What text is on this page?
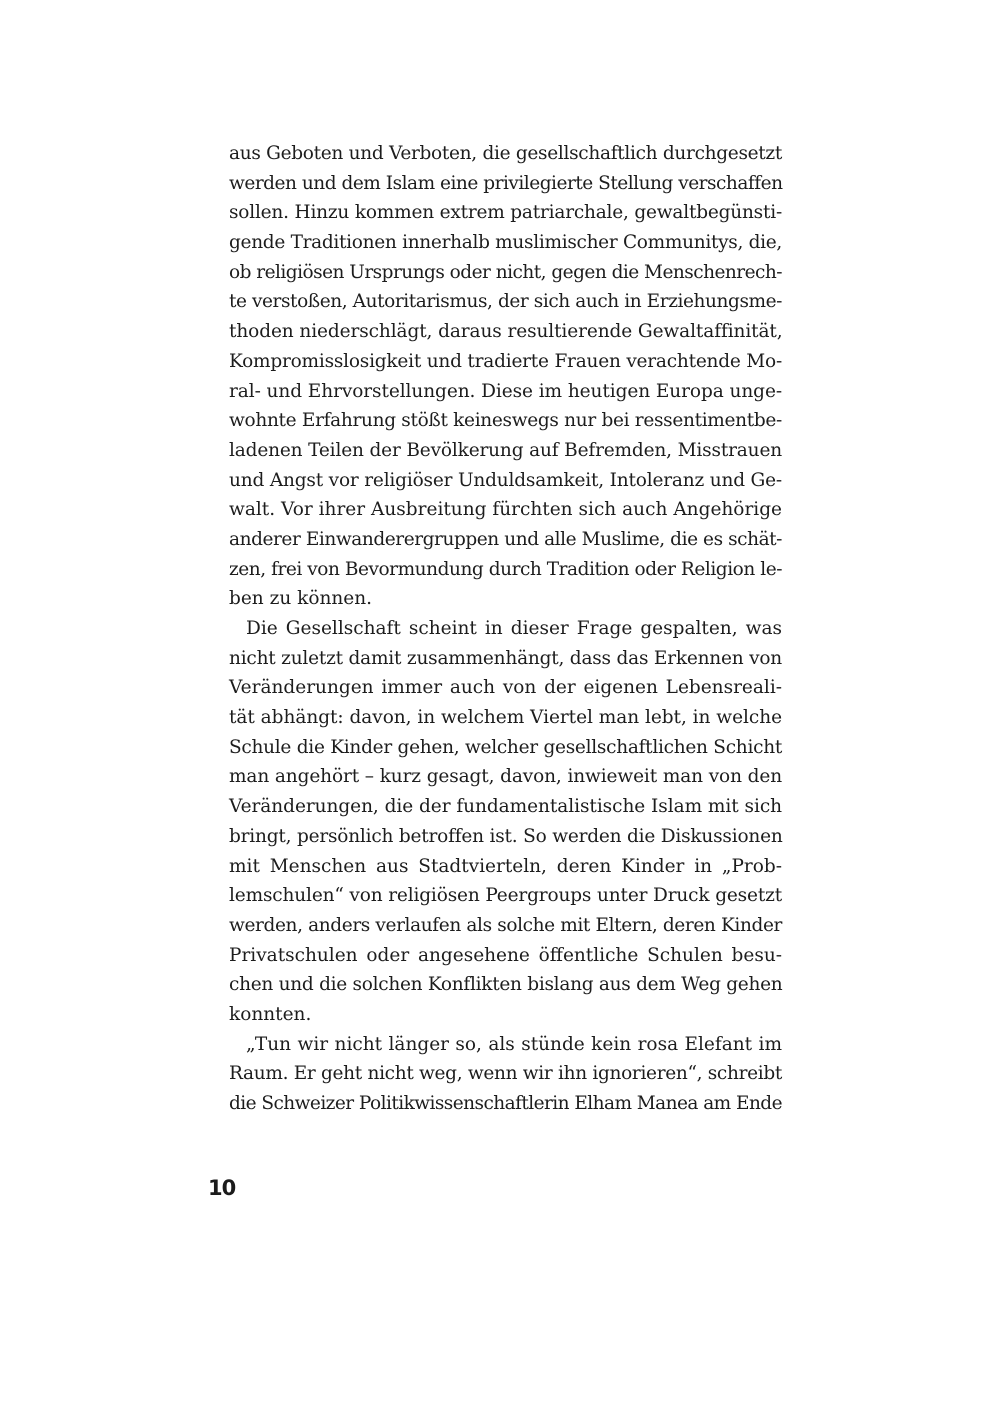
aus Geboten und Verboten, die gesellschaftlich durchgesetzt
werden und dem Islam eine privilegierte Stellung verschaffen
sollen. Hinzu kommen extrem patriarchale, gewaltbegünsti-
gende Traditionen innerhalb muslimischer Communitys, die,
ob religiösen Ursprungs oder nicht, gegen die Menschenrech-
te verstoßen, Autoritarismus, der sich auch in Erziehungsme-
thoden niederschlägt, daraus resultierende Gewaltaffinität,
Kompromisslosigkeit und tradierte Frauen verachtende Mo-
ral- und Ehrvorstellungen. Diese im heutigen Europa unge-
wohnte Erfahrung stößt keineswegs nur bei ressentimentbe-
ladenen Teilen der Bevölkerung auf Befremden, Misstrauen
und Angst vor religiöser Unduldsamkeit, Intoleranz und Ge-
walt. Vor ihrer Ausbreitung fürchten sich auch Angehörige
anderer Einwanderergruppen und alle Muslime, die es schät-
zen, frei von Bevormundung durch Tradition oder Religion le-
ben zu können.
Die Gesellschaft scheint in dieser Frage gespalten, was
nicht zuletzt damit zusammenhängt, dass das Erkennen von
Veränderungen immer auch von der eigenen Lebensreali-
tät abhängt: davon, in welchem Viertel man lebt, in welche
Schule die Kinder gehen, welcher gesellschaftlichen Schicht
man angehört – kurz gesagt, davon, inwieweit man von den
Veränderungen, die der fundamentalistische Islam mit sich
bringt, persönlich betroffen ist. So werden die Diskussionen
mit Menschen aus Stadtvierteln, deren Kinder in „Prob-
lemschulen“ von religiösen Peergroups unter Druck gesetzt
werden, anders verlaufen als solche mit Eltern, deren Kinder
Privatschulen oder angesehene öffentliche Schulen besu-
chen und die solchen Konflikten bislang aus dem Weg gehen
konnten.
„Tun wir nicht länger so, als stünde kein rosa Elefant im
Raum. Er geht nicht weg, wenn wir ihn ignorieren“, schreibt
die Schweizer Politikwissenschaftlerin Elham Manea am Ende
10
